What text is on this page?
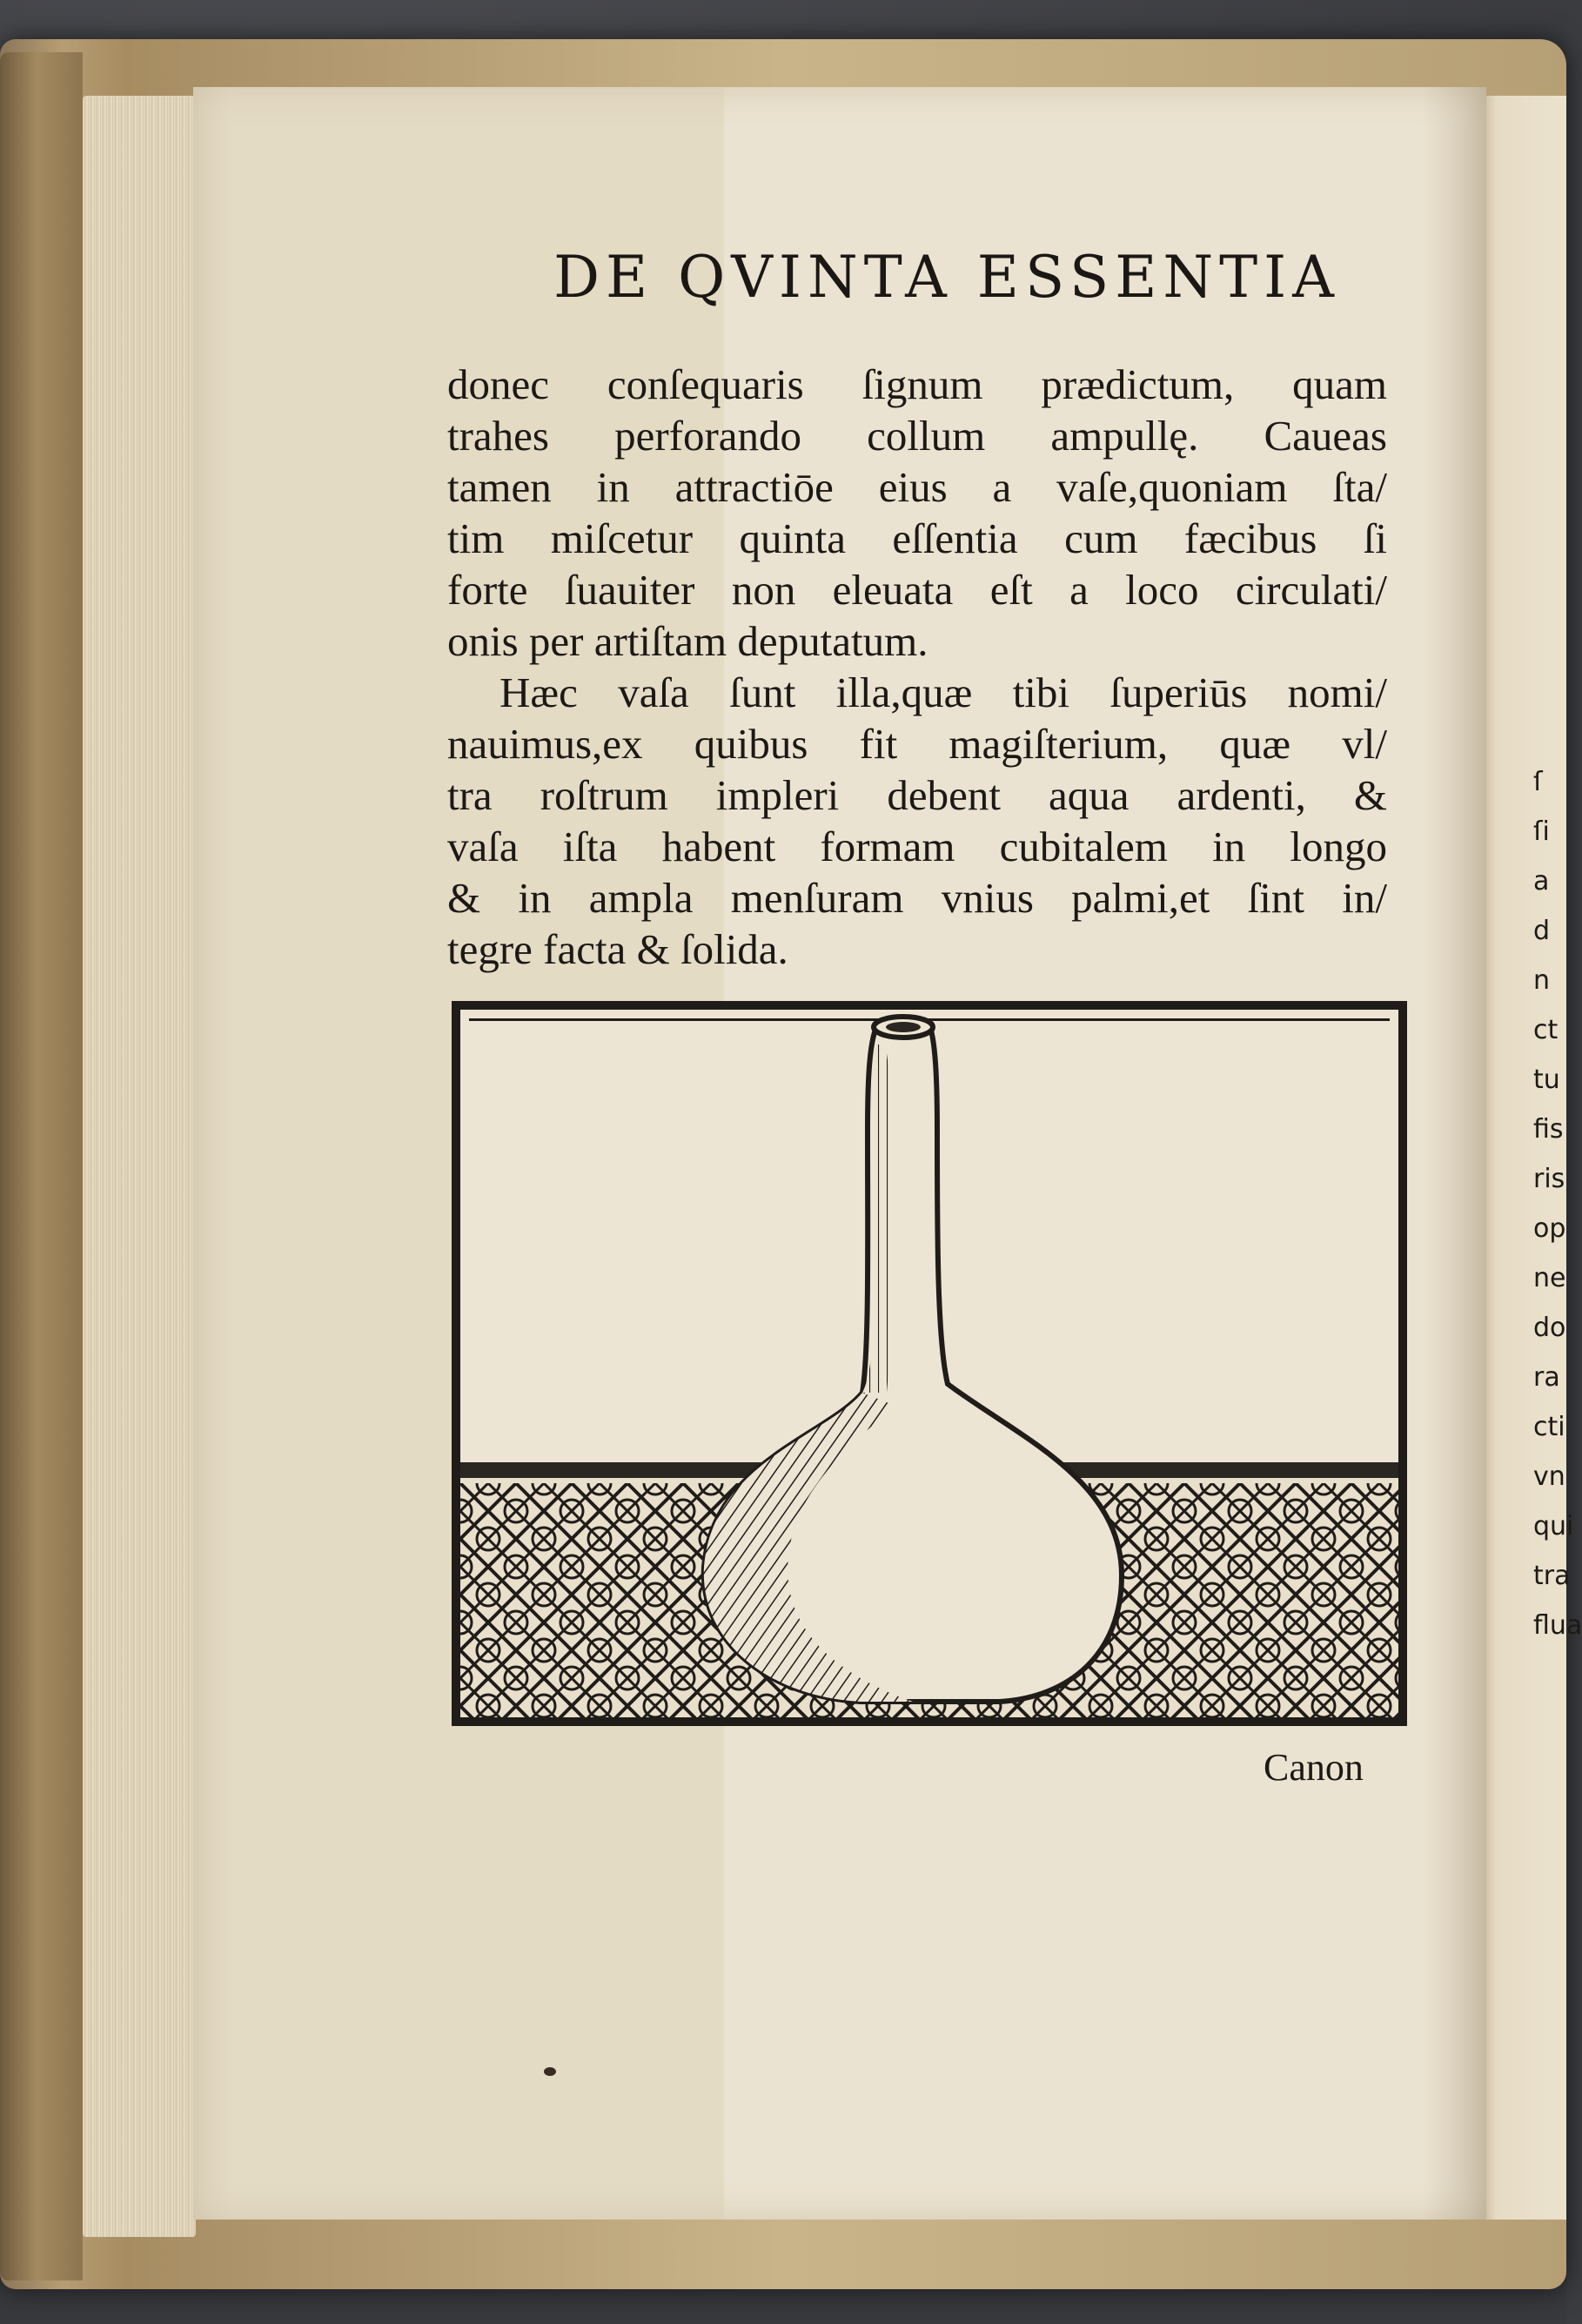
ſ
ſi
a
d
n
ct
tu
fis
ris
op
ne
do
ra
cti
vn
qui
tra
flua
DE QVINTA ESSENTIA
donec conſequaris ſignum prædictum, quam
trahes perforando collum ampullę. Caueas
tamen in attractiōe eius a vaſe,quoniam ſta/
tim miſcetur quinta eſſentia cum fæcibus ſi
forte ſuauiter non eleuata eſt a loco circulati/
onis per artiſtam deputatum.
Hæc vaſa ſunt illa,quæ tibi ſuperiūs nomi/
nauimus,ex quibus fit magiſterium, quæ vl/
tra roſtrum impleri debent aqua ardenti, &
vaſa iſta habent formam cubitalem in longo
& in ampla menſuram vnius palmi,et ſint in/
tegre facta & ſolida.
Canon
